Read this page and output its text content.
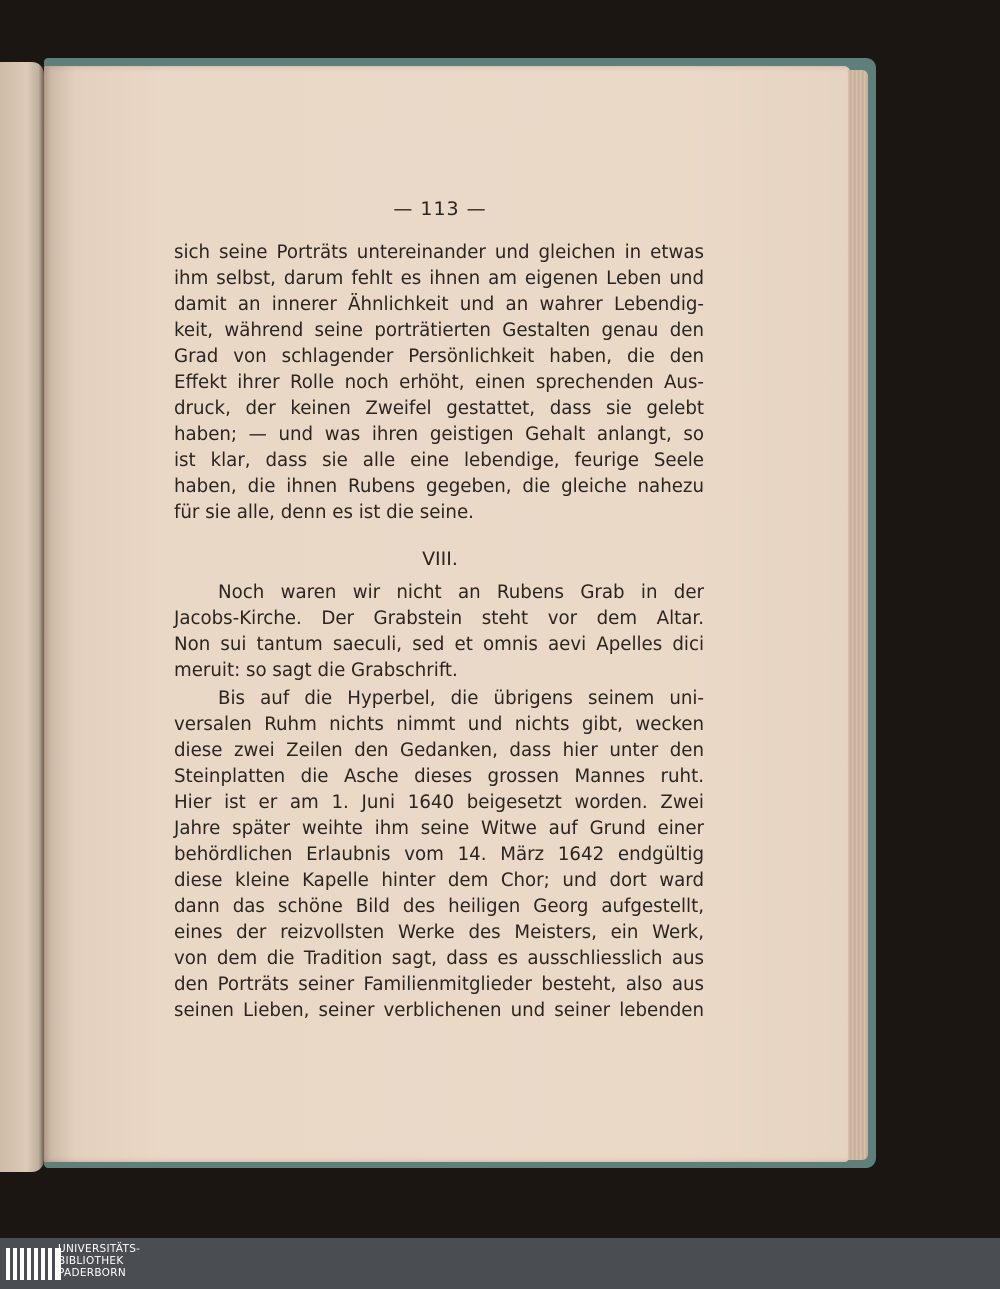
— 113 —
sich seine Porträts untereinander und gleichen in etwas
ihm selbst, darum fehlt es ihnen am eigenen Leben und
damit an innerer Ähnlichkeit und an wahrer Lebendig-
keit, während seine porträtierten Gestalten genau den
Grad von schlagender Persönlichkeit haben, die den
Effekt ihrer Rolle noch erhöht, einen sprechenden Aus-
druck, der keinen Zweifel gestattet, dass sie gelebt
haben; — und was ihren geistigen Gehalt anlangt, so
ist klar, dass sie alle eine lebendige, feurige Seele
haben, die ihnen Rubens gegeben, die gleiche nahezu
für sie alle, denn es ist die seine.
VIII.
Noch waren wir nicht an Rubens Grab in der
Jacobs-Kirche. Der Grabstein steht vor dem Altar.
Non sui tantum saeculi, sed et omnis aevi Apelles dici
meruit: so sagt die Grabschrift.
Bis auf die Hyperbel, die übrigens seinem uni-
versalen Ruhm nichts nimmt und nichts gibt, wecken
diese zwei Zeilen den Gedanken, dass hier unter den
Steinplatten die Asche dieses grossen Mannes ruht.
Hier ist er am 1. Juni 1640 beigesetzt worden. Zwei
Jahre später weihte ihm seine Witwe auf Grund einer
behördlichen Erlaubnis vom 14. März 1642 endgültig
diese kleine Kapelle hinter dem Chor; und dort ward
dann das schöne Bild des heiligen Georg aufgestellt,
eines der reizvollsten Werke des Meisters, ein Werk,
von dem die Tradition sagt, dass es ausschliesslich aus
den Porträts seiner Familienmitglieder besteht, also aus
seinen Lieben, seiner verblichenen und seiner lebenden
UNIVERSITÄTS-
BIBLIOTHEK
PADERBORN
